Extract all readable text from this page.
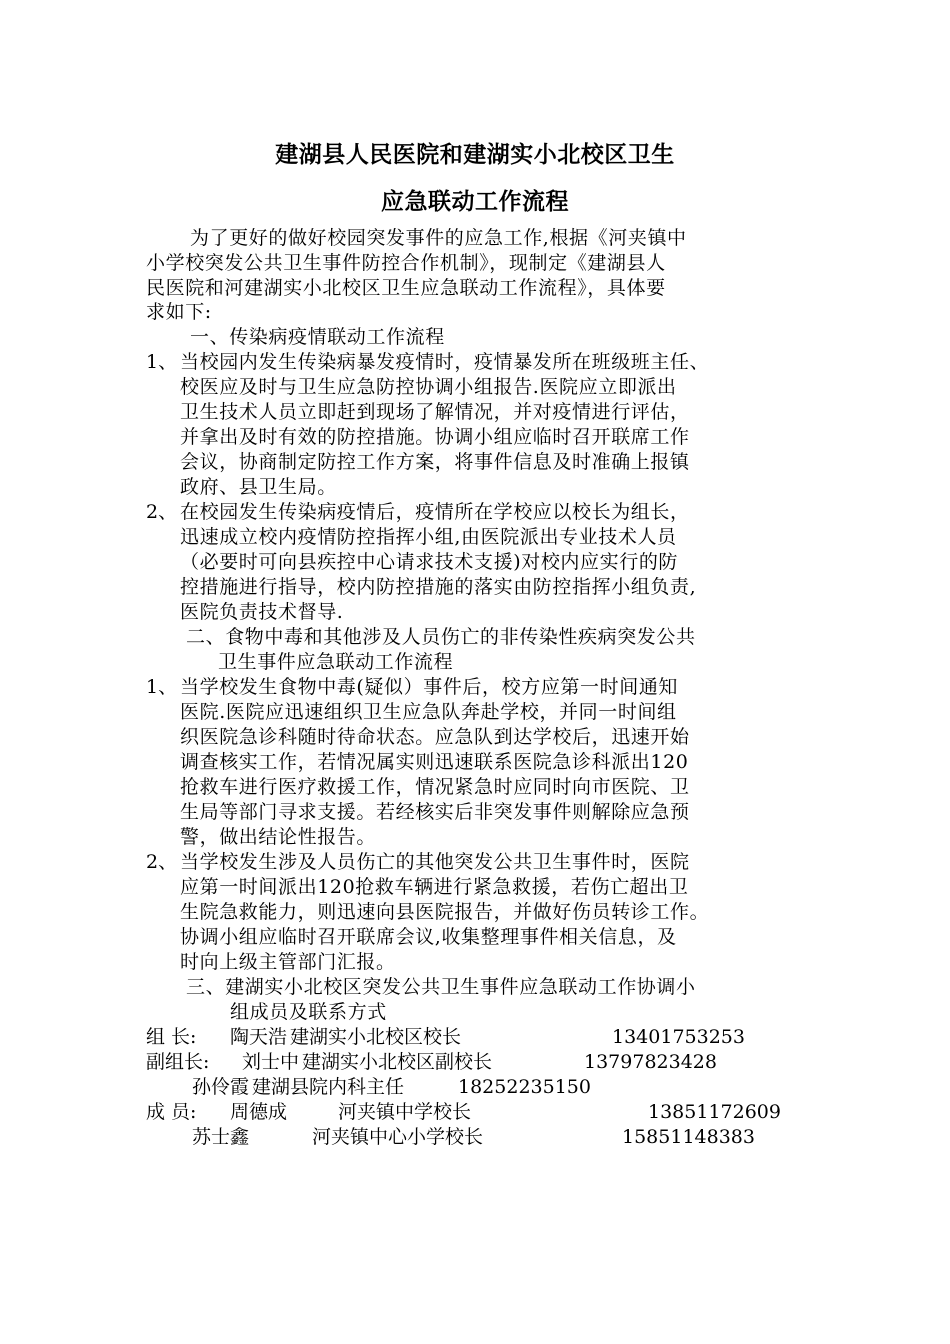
建湖县人民医院和建湖实小北校区卫生
应急联动工作流程
为了更好的做好校园突发事件的应急工作,根据《河夹镇中
小学校突发公共卫生事件防控合作机制》，现制定《建湖县人
民医院和河建湖实小北校区卫生应急联动工作流程》，具体要
求如下:
一、传染病疫情联动工作流程
1、 当校园内发生传染病暴发疫情时，疫情暴发所在班级班主任、
校医应及时与卫生应急防控协调小组报告.医院应立即派出
卫生技术人员立即赶到现场了解情况，并对疫情进行评估，
并拿出及时有效的防控措施。协调小组应临时召开联席工作
会议，协商制定防控工作方案，将事件信息及时准确上报镇
政府、县卫生局。
2、 在校园发生传染病疫情后，疫情所在学校应以校长为组长，
迅速成立校内疫情防控指挥小组,由医院派出专业技术人员
（必要时可向县疾控中心请求技术支援)对校内应实行的防
控措施进行指导，校内防控措施的落实由防控指挥小组负责,
医院负责技术督导.
二、食物中毒和其他涉及人员伤亡的非传染性疾病突发公共
卫生事件应急联动工作流程
1、 当学校发生食物中毒(疑似）事件后，校方应第一时间通知
医院.医院应迅速组织卫生应急队奔赴学校，并同一时间组
织医院急诊科随时待命状态。应急队到达学校后，迅速开始
调查核实工作，若情况属实则迅速联系医院急诊科派出120
抢救车进行医疗救援工作，情况紧急时应同时向市医院、卫
生局等部门寻求支援。若经核实后非突发事件则解除应急预
警，做出结论性报告。
2、 当学校发生涉及人员伤亡的其他突发公共卫生事件时，医院
应第一时间派出120抢救车辆进行紧急救援，若伤亡超出卫
生院急救能力，则迅速向县医院报告，并做好伤员转诊工作。
协调小组应临时召开联席会议,收集整理事件相关信息，及
时向上级主管部门汇报。
三、建湖实小北校区突发公共卫生事件应急联动工作协调小
组成员及联系方式
组 长: 陶天浩 建湖实小北校区校长	13401753253
副组长: 刘士中 建湖实小北校区副校长	13797823428
孙伶霞 建湖县院内科主任	18252235150
成 员: 周德成	河夹镇中学校长	13851172609
苏士鑫	河夹镇中心小学校长	15851148383
